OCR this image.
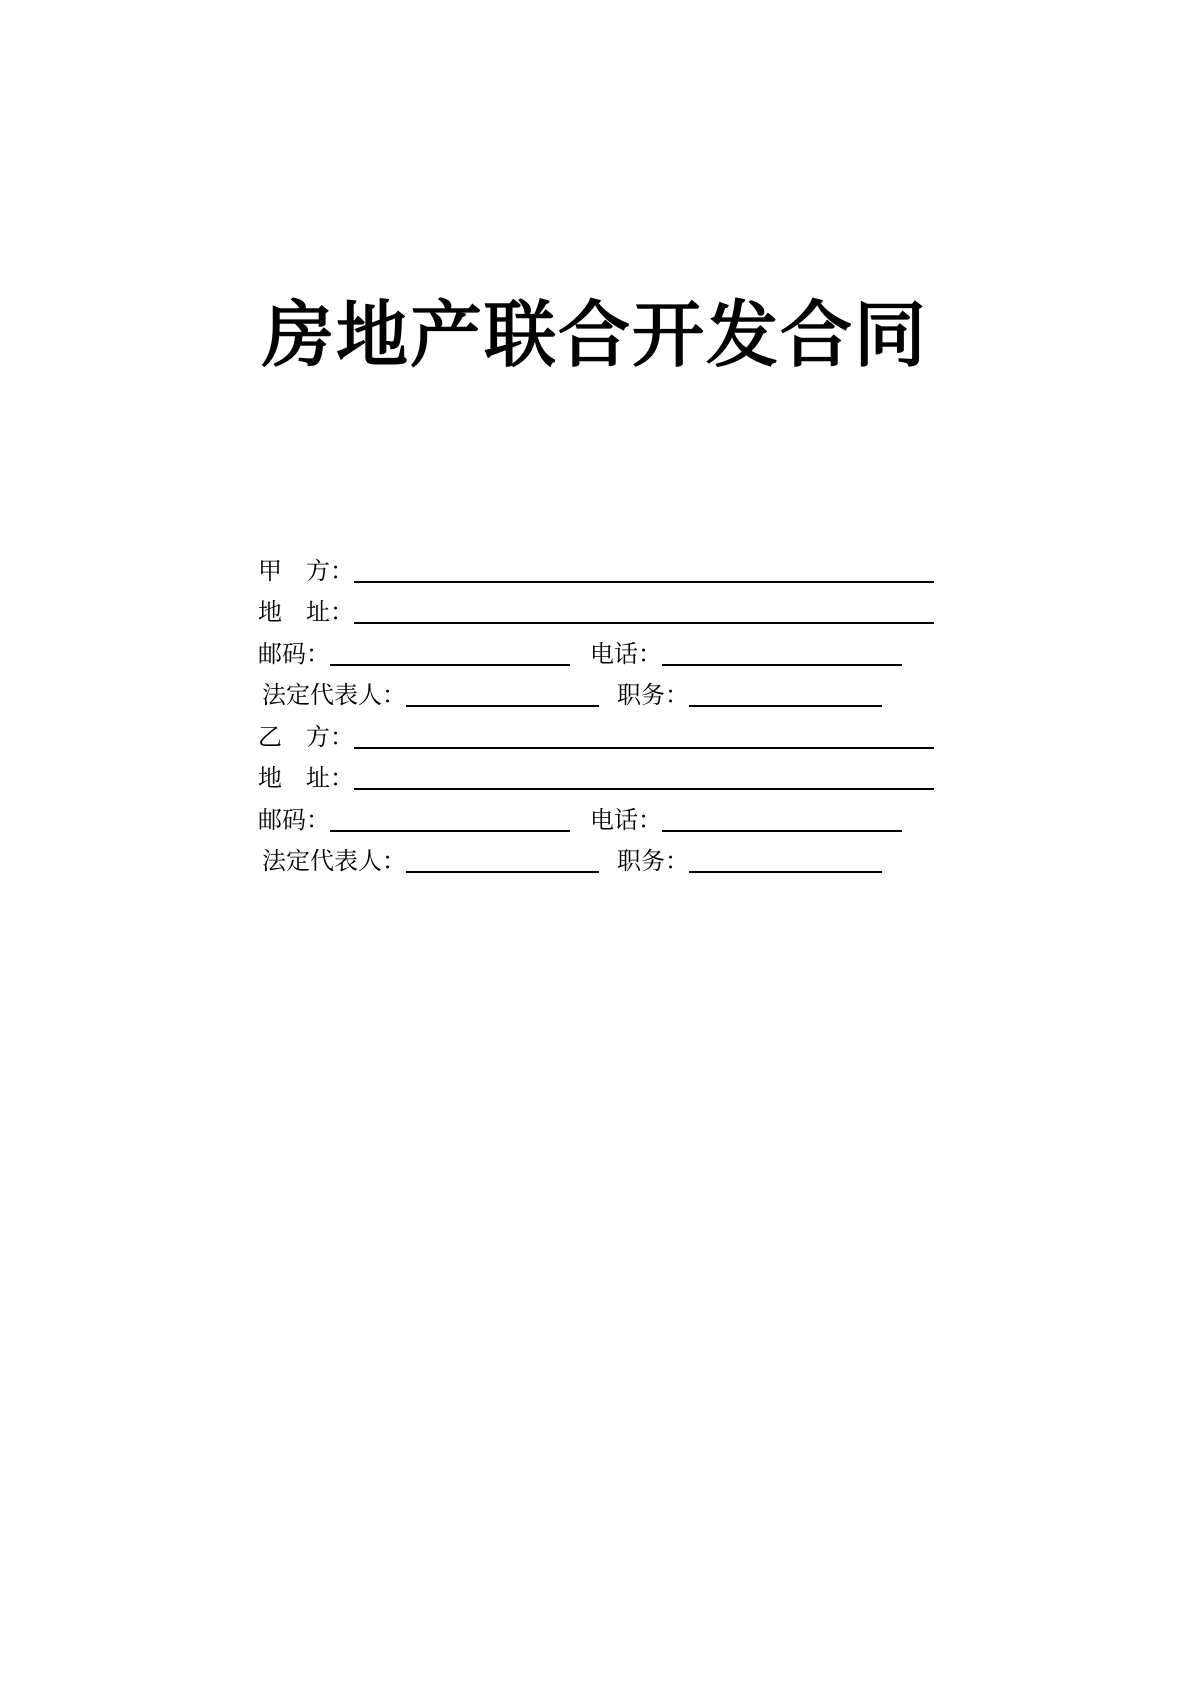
房地产联合开发合同
甲　方：
地　址：
邮码：	电话：
法定代表人：	职务：
乙　方：
地　址：
邮码：	电话：
法定代表人：	职务：
